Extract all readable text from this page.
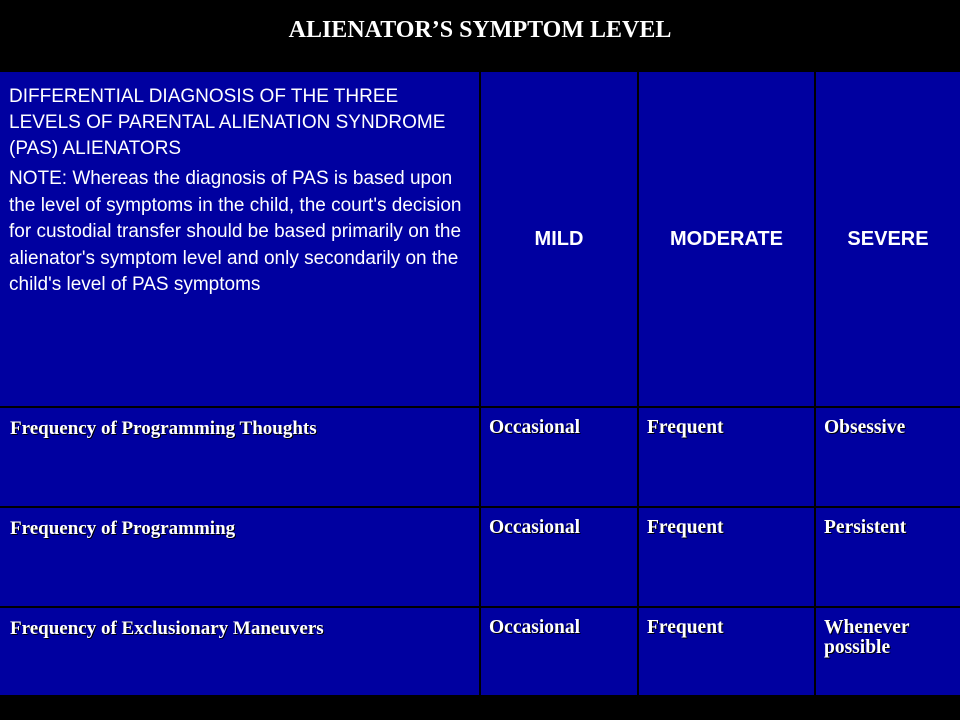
ALIENATOR’S SYMPTOM LEVEL

DIFFERENTIAL DIAGNOSIS OF THE THREE LEVELS OF PARENTAL ALIENATION SYNDROME (PAS) ALIENATORS

NOTE: Whereas the diagnosis of PAS is based upon the level of symptoms in the child, the court's decision for custodial transfer should be based primarily on the alienator's symptom level and only secondarily on the child's level of PAS symptoms

MILD	MODERATE	SEVERE
Frequency of Programming Thoughts	Occasional	Frequent	Obsessive
Frequency of Programming	Occasional	Frequent	Persistent
Frequency of Exclusionary Maneuvers	Occasional	Frequent	Whenever possible
